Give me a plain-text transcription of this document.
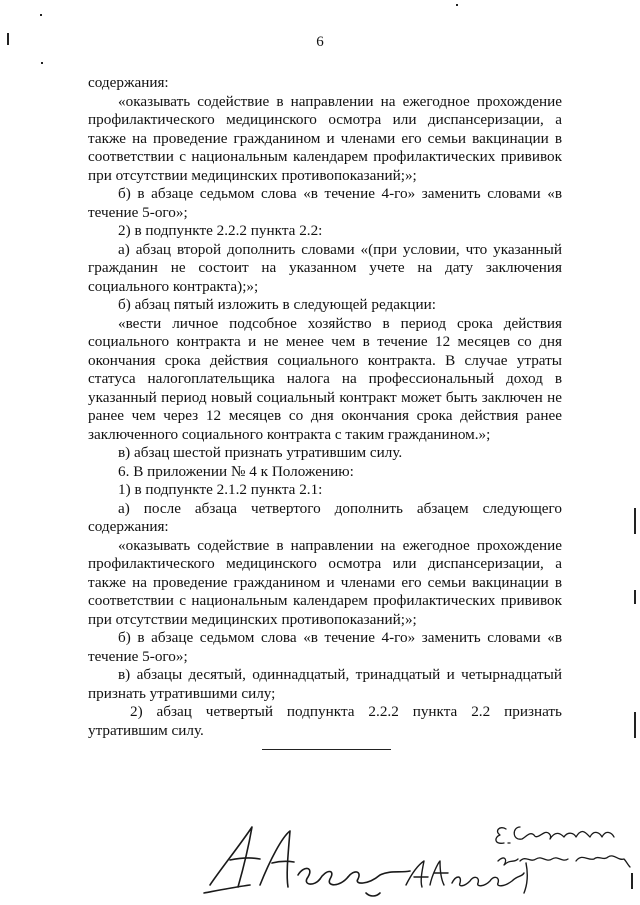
6

содержания:

«оказывать содействие в направлении на ежегодное прохождение профилактического медицинского осмотра или диспансеризации, а также на проведение гражданином и членами его семьи вакцинации в соответствии с национальным календарем профилактических прививок при отсутствии медицинских противопоказаний;»;

б) в абзаце седьмом слова «в течение 4-го» заменить словами «в течение 5-ого»;

2) в подпункте 2.2.2 пункта 2.2:

а) абзац второй дополнить словами «(при условии, что указанный гражданин не состоит на указанном учете на дату заключения социального контракта);»;

б) абзац пятый изложить в следующей редакции:

«вести личное подсобное хозяйство в период срока действия социального контракта и не менее чем в течение 12 месяцев со дня окончания срока действия социального контракта. В случае утраты статуса налогоплательщика налога на профессиональный доход в указанный период новый социальный контракт может быть заключен не ранее чем через 12 месяцев со дня окончания срока действия ранее заключенного социального контракта с таким гражданином.»;

в) абзац шестой признать утратившим силу.

6. В приложении № 4 к Положению:

1) в подпункте 2.1.2 пункта 2.1:

а) после абзаца четвертого дополнить абзацем следующего содержания:

«оказывать содействие в направлении на ежегодное прохождение профилактического медицинского осмотра или диспансеризации, а также на проведение гражданином и членами его семьи вакцинации в соответствии с национальным календарем профилактических прививок при отсутствии медицинских противопоказаний;»;

б) в абзаце седьмом слова «в течение 4-го» заменить словами «в течение 5-ого»;

в) абзацы десятый, одиннадцатый, тринадцатый и четырнадцатый признать утратившими силу;

2) абзац четвертый подпункта 2.2.2 пункта 2.2 признать утратившим силу.
